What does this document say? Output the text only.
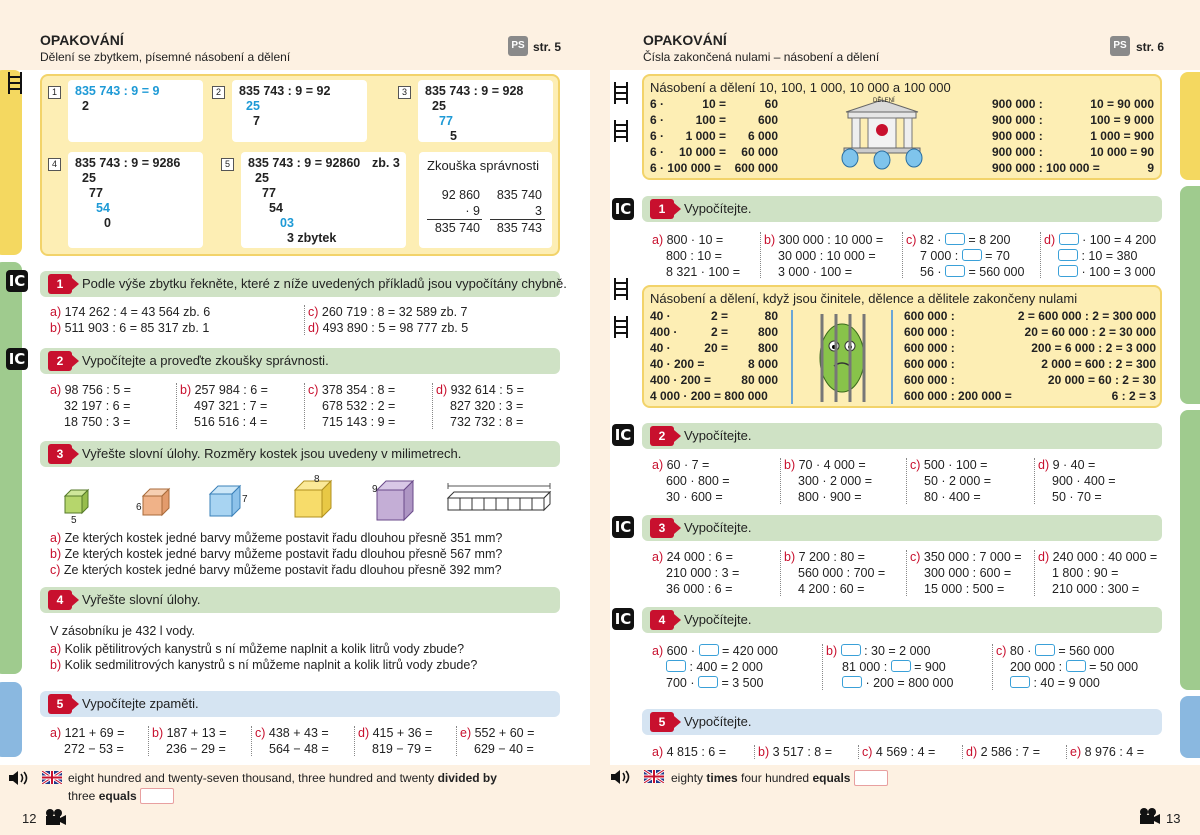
OPAKOVÁNÍ
Dělení se zbytkem, písemné násobení a dělení
PS str. 5
IC
IC
1	835 743 : 9 = 9
2
2	835 743 : 9 = 92
25
7
3	835 743 : 9 = 928
25
77
5
4	835 743 : 9 = 9286
25
77
54
0
5	835 743 : 9 = 92860 zb. 3
25
77
54
03
3 zbytek
Zkouška správnosti
92 860	835 740
· 9	3
835 740	835 743
1	Podle výše zbytku řekněte, které z níže uvedených příkladů jsou vypočítány chybně.
a) 174 262 : 4 = 43 564 zb. 6
b) 511 903 : 6 = 85 317 zb. 1
c) 260 719 : 8 = 32 589 zb. 7
d) 493 890 : 5 = 98 777 zb. 5
2	Vypočítejte a proveďte zkoušky správnosti.
a) 98 756 : 5 =
32 197 : 6 =
18 750 : 3 =
b) 257 984 : 6 =
497 321 : 7 =
516 516 : 4 =
c) 378 354 : 8 =
678 532 : 2 =
715 143 : 9 =
d) 932 614 : 5 =
827 320 : 3 =
732 732 : 8 =
3	Vyřešte slovní úlohy. Rozměry kostek jsou uvedeny v milimetrech.
5
6
7
8
9
a) Ze kterých kostek jedné barvy můžeme postavit řadu dlouhou přesně 351 mm?
b) Ze kterých kostek jedné barvy můžeme postavit řadu dlouhou přesně 567 mm?
c) Ze kterých kostek jedné barvy můžeme postavit řadu dlouhou přesně 392 mm?
4	Vyřešte slovní úlohy.
V zásobníku je 432 l vody.
a) Kolik pětilitrových kanystrů s ní můžeme naplnit a kolik litrů vody zbude?
b) Kolik sedmilitrových kanystrů s ní můžeme naplnit a kolik litrů vody zbude?
5	Vypočítejte zpaměti.
a) 121 + 69 =
272 − 53 =
b) 187 + 13 =
236 − 29 =
c) 438 + 43 =
564 − 48 =
d) 415 + 36 =
819 − 79 =
e) 552 + 60 =
629 − 40 =
eight hundred and twenty-seven thousand, three hundred and twenty divided by
three equals
12
OPAKOVÁNÍ
Čísla zakončená nulami – násobení a dělení
PS str. 6
IC
IC
IC
IC
Násobení a dělení 10, 100, 1 000, 10 000 a 100 000
6 ·	10 =	60
6 ·	100 =	600
6 ·	1 000 =	6 000
6 ·	10 000 =	60 000
6 · 100 000 =	600 000
900 000 :	10 = 90 000
900 000 :	100 = 9 000
900 000 :	1 000 = 900
900 000 :	10 000 = 90
900 000 : 100 000 =	9
DĚLENÍ
1	Vypočítejte.
a) 800 · 10 =
800 : 10 =
8 321 · 100 =
b) 300 000 : 10 000 =
30 000 : 10 000 =
3 000 · 100 =
c) 82 ·  = 8 200
7 000 :  = 70
56 ·  = 560 000
d)  · 100 = 4 200
: 10 = 380
· 100 = 3 000
Násobení a dělení, když jsou činitele, dělence a dělitele zakončeny nulami
40 ·	2 =	80
400 ·	2 =	800
40 ·	20 =	800
40 · 200 =	8 000
400 · 200 =	80 000
4 000 · 200 = 800 000
600 000 :	2 = 600 000 : 2 = 300 000
600 000 :	20 = 60 000 : 2 = 30 000
600 000 :	200 = 6 000 : 2 = 3 000
600 000 :	2 000 = 600 : 2 = 300
600 000 :	20 000 = 60 : 2 = 30
600 000 : 200 000 =	6 : 2 = 3
2	Vypočítejte.
a) 60 · 7 =
600 · 800 =
30 · 600 =
b) 70 · 4 000 =
300 · 2 000 =
800 · 900 =
c) 500 · 100 =
50 · 2 000 =
80 · 400 =
d) 9 · 40 =
900 · 400 =
50 · 70 =
3	Vypočítejte.
a) 24 000 : 6 =
210 000 : 3 =
36 000 : 6 =
b) 7 200 : 80 =
560 000 : 700 =
4 200 : 60 =
c) 350 000 : 7 000 =
300 000 : 600 =
15 000 : 500 =
d) 240 000 : 40 000 =
1 800 : 90 =
210 000 : 300 =
4	Vypočítejte.
a) 600 ·  = 420 000
: 400 = 2 000
700 ·  = 3 500
b)  : 30 = 2 000
81 000 :  = 900
· 200 = 800 000
c) 80 ·  = 560 000
200 000 :  = 50 000
: 40 = 9 000
5	Vypočítejte.
a) 4 815 : 6 =	b) 3 517 : 8 = c) 4 569 : 4 = d) 2 586 : 7 = e) 8 976 : 4 =
eighty times four hundred equals
13
